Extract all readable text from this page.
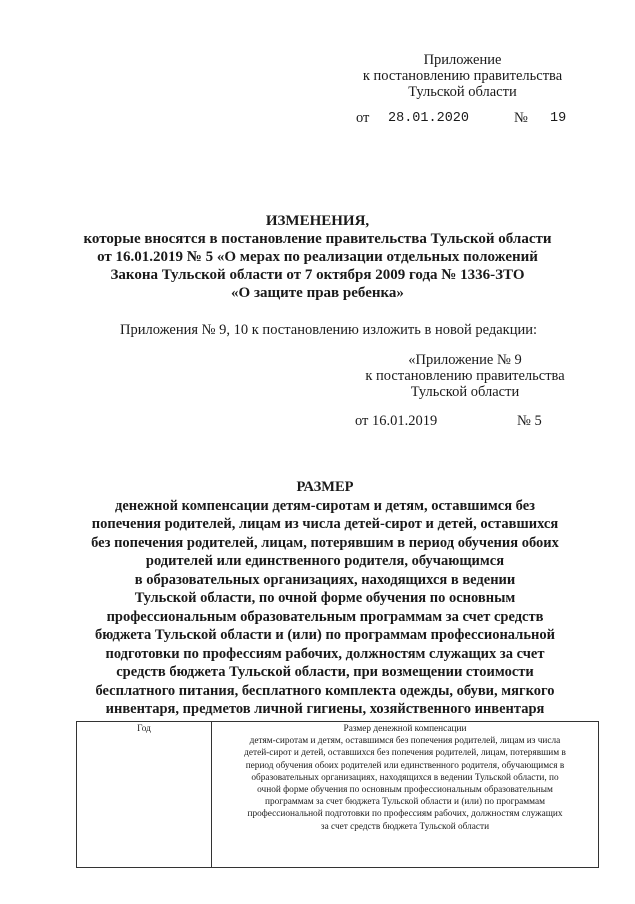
Приложение
к постановлению правительства
Тульской области
от 28.01.2020	№ 19
ИЗМЕНЕНИЯ,
которые вносятся в постановление правительства Тульской области
от 16.01.2019 № 5 «О мерах по реализации отдельных положений
Закона Тульской области от 7 октября 2009 года № 1336-ЗТО
«О защите прав ребенка»
Приложения № 9, 10 к постановлению изложить в новой редакции:
«Приложение № 9
к постановлению правительства
Тульской области
от 16.01.2019	№ 5
РАЗМЕР
денежной компенсации детям-сиротам и детям, оставшимся без
попечения родителей, лицам из числа детей-сирот и детей, оставшихся
без попечения родителей, лицам, потерявшим в период обучения обоих
родителей или единственного родителя, обучающимся
в образовательных организациях, находящихся в ведении
Тульской области, по очной форме обучения по основным
профессиональным образовательным программам за счет средств
бюджета Тульской области и (или) по программам профессиональной
подготовки по профессиям рабочих, должностям служащих за счет
средств бюджета Тульской области, при возмещении стоимости
бесплатного питания, бесплатного комплекта одежды, обуви, мягкого
инвентаря, предметов личной гигиены, хозяйственного инвентаря
Год	Размер денежной компенсации
детям-сиротам и детям, оставшимся без попечения родителей, лицам из числа
детей-сирот и детей, оставшихся без попечения родителей, лицам, потерявшим в
период обучения обоих родителей или единственного родителя, обучающимся в
образовательных организациях, находящихся в ведении Тульской области, по
очной форме обучения по основным профессиональным образовательным
программам за счет бюджета Тульской области и (или) по программам
профессиональной подготовки по профессиям рабочих, должностям служащих
за счет средств бюджета Тульской области
